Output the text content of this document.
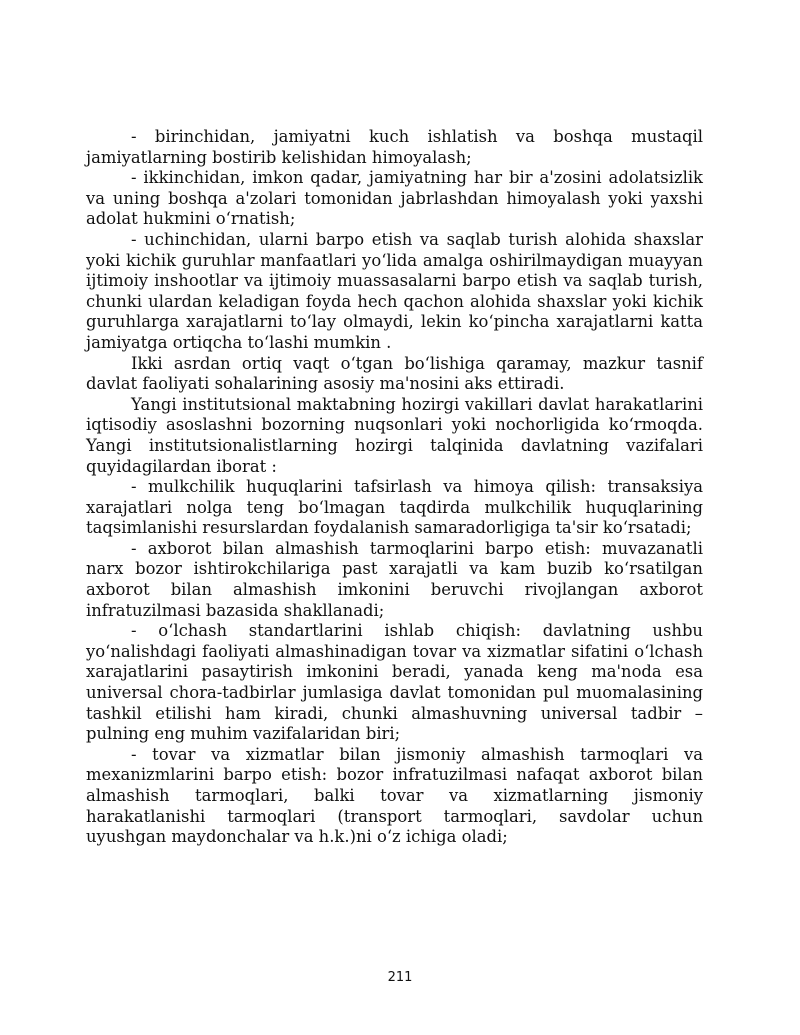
- birinchidan, jamiyatni kuch ishlatish va boshqa mustaqil jamiyatlarning bostirib kelishidan himoyalash;

- ikkinchidan, imkon qadar, jamiyatning har bir a'zosini adolatsizlik va uning boshqa a'zolari tomonidan jabrlashdan himoyalash yoki yaxshi adolat hukmini o‘rnatish;

- uchinchidan, ularni barpo etish va saqlab turish alohida shaxslar yoki kichik guruhlar manfaatlari yo‘lida amalga oshirilmaydigan muayyan ijtimoiy inshootlar va ijtimoiy muassasalarni barpo etish va saqlab turish, chunki ulardan keladigan foyda hech qachon alohida shaxslar yoki kichik guruhlarga xarajatlarni to‘lay olmaydi, lekin ko‘pincha xarajatlarni katta jamiyatga ortiqcha to‘lashi mumkin .

Ikki asrdan ortiq vaqt o‘tgan bo‘lishiga qaramay, mazkur tasnif davlat faoliyati sohalarining asosiy ma'nosini aks ettiradi.

Yangi institutsional maktabning hozirgi vakillari davlat harakatlarini iqtisodiy asoslashni bozorning nuqsonlari yoki nochorligida ko‘rmoqda. Yangi institutsionalistlarning hozirgi talqinida davlatning vazifalari quyidagilardan iborat :

- mulkchilik huquqlarini tafsirlash va himoya qilish: transaksiya xarajatlari nolga teng bo‘lmagan taqdirda mulkchilik huquqlarining taqsimlanishi resurslardan foydalanish samaradorligiga ta'sir ko‘rsatadi;

- axborot bilan almashish tarmoqlarini barpo etish: muvazanatli narx bozor ishtirokchilariga past xarajatli va kam buzib ko‘rsatilgan axborot bilan almashish imkonini beruvchi rivojlangan axborot infratuzilmasi bazasida shakllanadi;

- o‘lchash standartlarini ishlab chiqish: davlatning ushbu yo‘nalishdagi faoliyati almashinadigan tovar va xizmatlar sifatini o‘lchash xarajatlarini pasaytirish imkonini beradi, yanada keng ma'noda esa universal chora-tadbirlar jumlasiga davlat tomonidan pul muomalasining tashkil etilishi ham kiradi, chunki almashuvning universal tadbir – pulning eng muhim vazifalaridan biri;

- tovar va xizmatlar bilan jismoniy almashish tarmoqlari va mexanizmlarini barpo etish: bozor infratuzilmasi nafaqat axborot bilan almashish tarmoqlari, balki tovar va xizmatlarning jismoniy harakatlanishi tarmoqlari (transport tarmoqlari, savdolar uchun uyushgan maydonchalar va h.k.)ni o‘z ichiga oladi;

211
